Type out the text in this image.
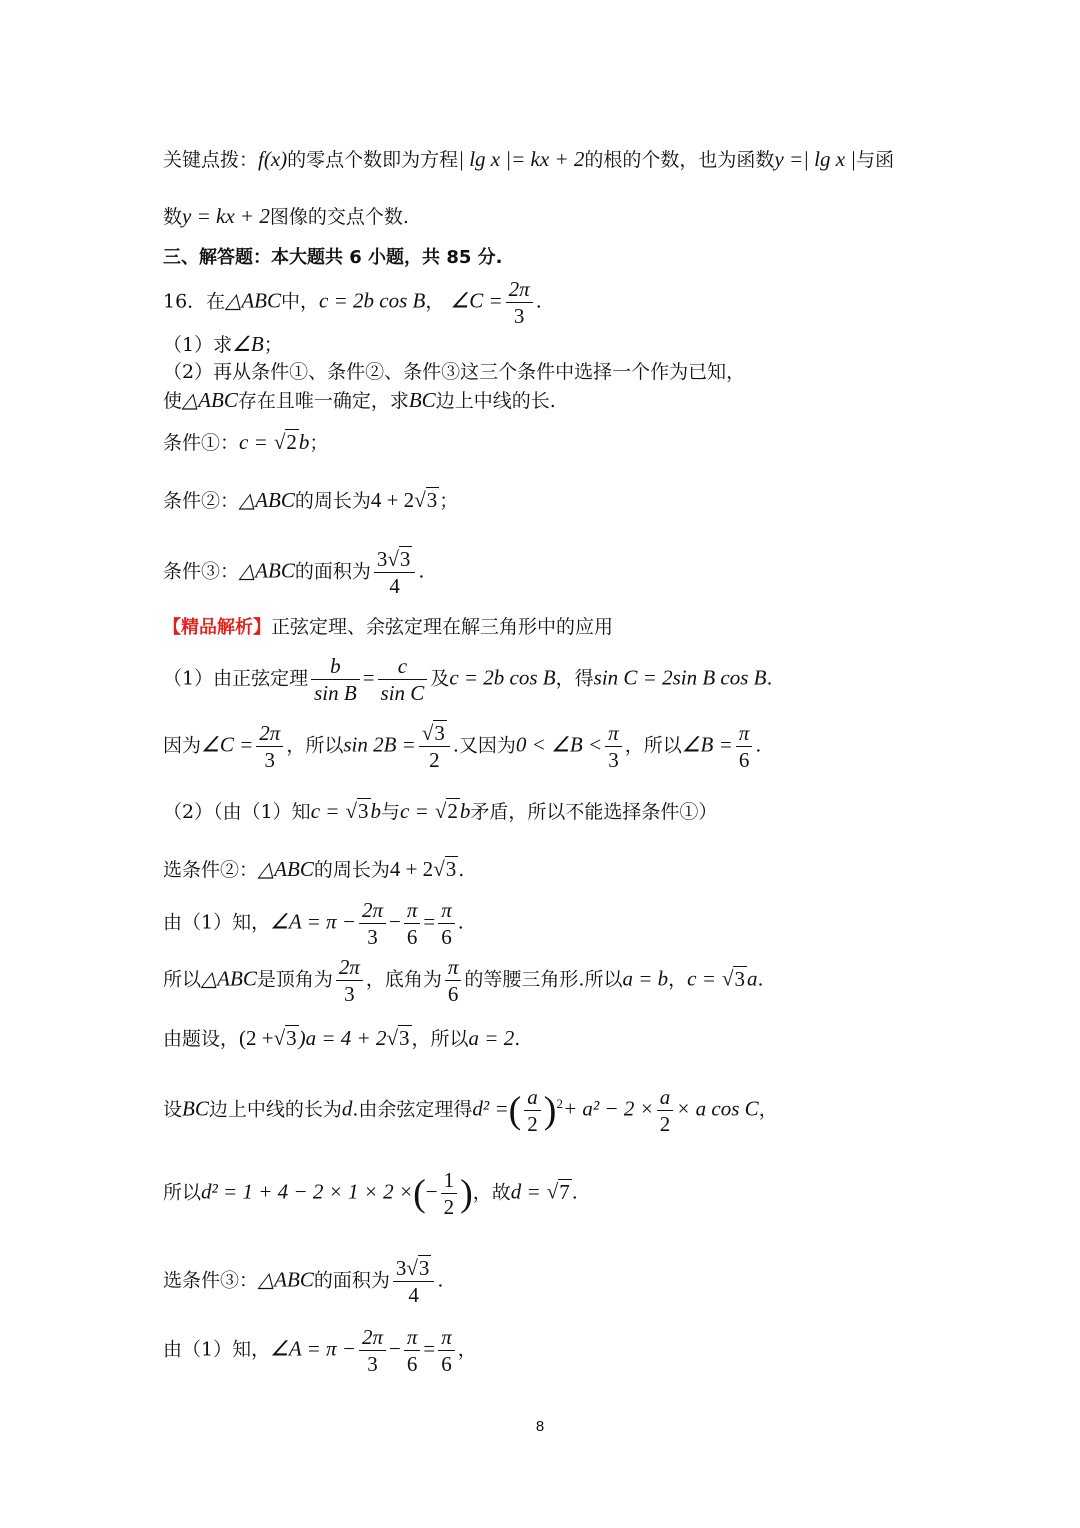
关键点拨：f(x)的零点个数即为方程| lg x |= kx + 2的根的个数，也为函数y =| lg x |与函
数y = kx + 2图像的交点个数.
三、解答题：本大题共 6 小题，共 85 分.
16．在△ABC中，c = 2b cos B， ∠C = $\frac{2\pi}{3}$ .
（1）求∠B；
（2）再从条件①、条件②、条件③这三个条件中选择一个作为已知，
使△ABC存在且唯一确定，求BC边上中线的长.
条件①：c = √2b；
条件②：△ABC的周长为4 + 2√3 ；
条件③：△ABC的面积为 $\frac{3√3}{4}$ .
【精品解析】正弦定理、余弦定理在解三角形中的应用
（1）由正弦定理 $\frac{b}{\text{sin B}} = \frac{c}{\text{sin C}}$ 及c = 2b cos B，得sin C = 2sin B cos B.
因为∠C = $\frac{2\pi}{3}$ ，所以$\sin 2B = \frac{√3}{2}$ .又因为0 < ∠B < $\frac{\pi}{3}$ ，所以∠B = $\frac{\pi}{6}$ .
（2）（由（1）知c = √3b与c = √2b矛盾，所以不能选择条件①）
选条件②：△ABC的周长为4 + 2√3 .
由（1）知，∠A = $\pi - \frac{2\pi}{3} - \frac{\pi}{6} = \frac{\pi}{6}$ .
所以△ABC是顶角为 $\frac{2\pi}{3}$ ，底角为 $\frac{\pi}{6}$ 的等腰三角形.所以a = b，c = √3a.
由题设，(2 +√3)a = 4 + 2√3 ，所以a = 2.
设BC边上中线的长为d.由余弦定理得d² =( $\frac{a}{2} )^2+ a^2 - 2 \times \frac{a}{2} \times a$ cos C，
所以d² = 1 + 4 − 2 × 1 × 2 ×(− $\frac{1}{2}$ )，故d = √7 .
选条件③：△ABC的面积为 $\frac{3√3}{4}$ .
由（1）知，∠A = $\pi - \frac{2\pi}{3} - \frac{\pi}{6} = \frac{\pi}{6}$ ，
8
